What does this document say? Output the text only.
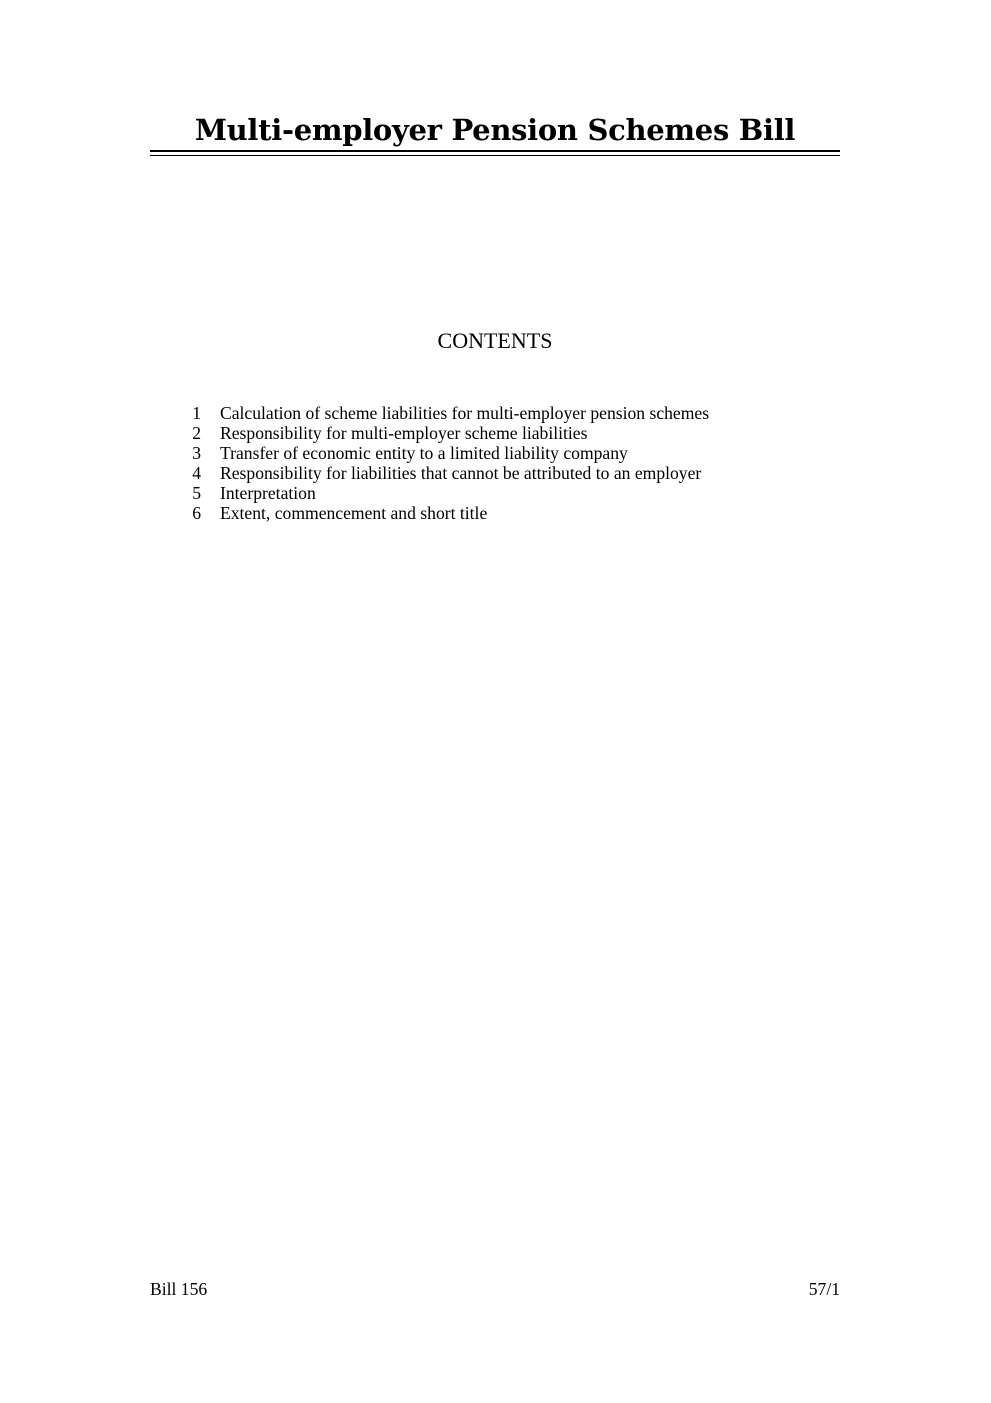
Multi-employer Pension Schemes Bill
CONTENTS
1 Calculation of scheme liabilities for multi-employer pension schemes
2 Responsibility for multi-employer scheme liabilities
3 Transfer of economic entity to a limited liability company
4 Responsibility for liabilities that cannot be attributed to an employer
5 Interpretation
6 Extent, commencement and short title
Bill 156	57/1
